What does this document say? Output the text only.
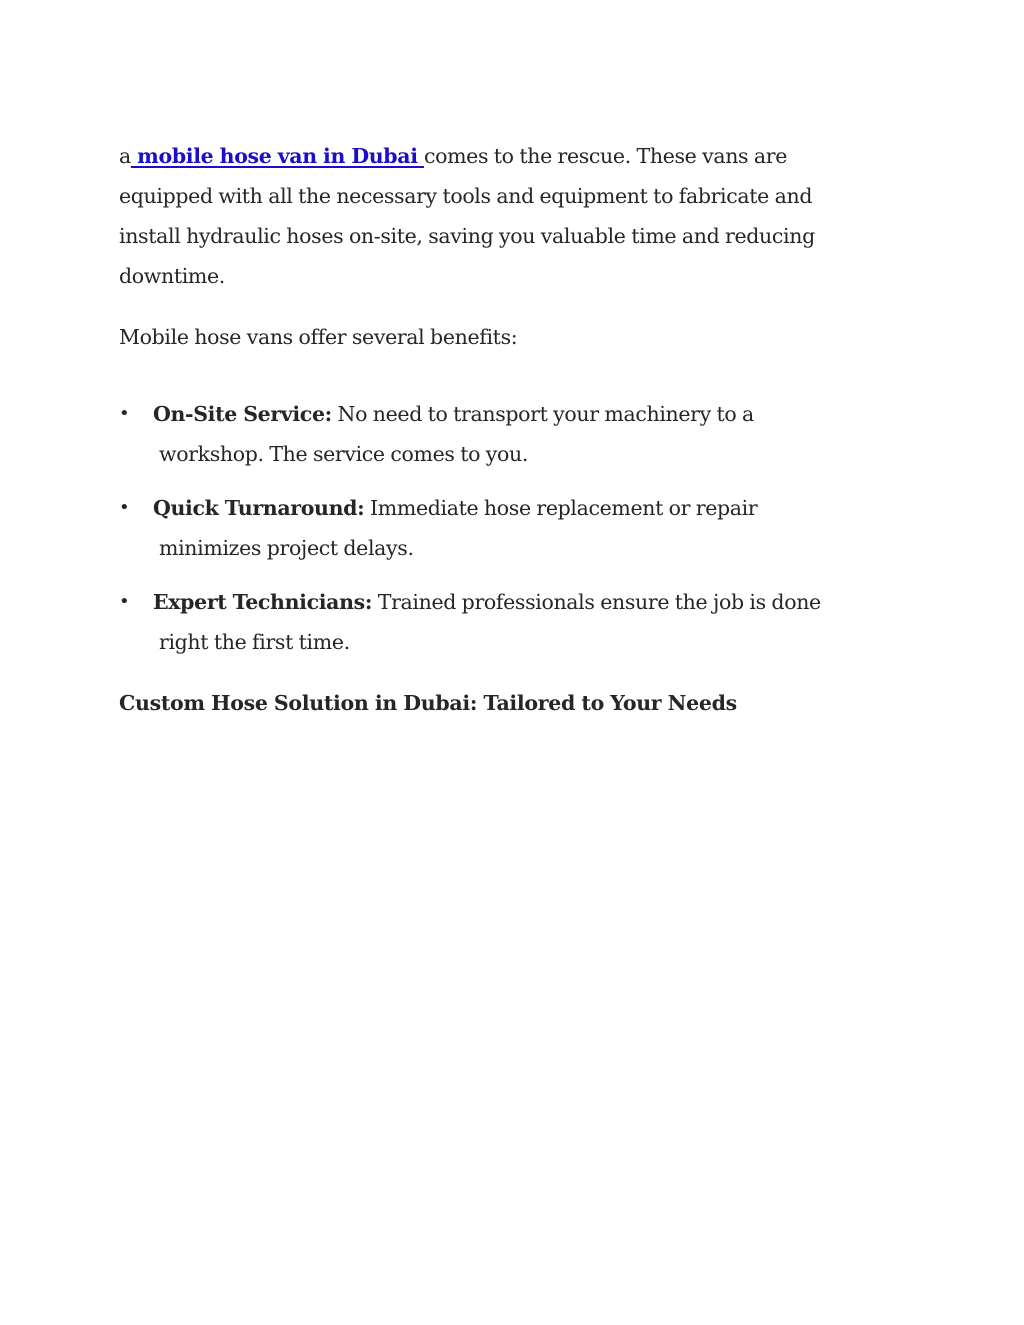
a mobile hose van in Dubai comes to the rescue. These vans are
equipped with all the necessary tools and equipment to fabricate and
install hydraulic hoses on-site, saving you valuable time and reducing
downtime.

Mobile hose vans offer several benefits:

• On-Site Service: No need to transport your machinery to a
workshop. The service comes to you.
• Quick Turnaround: Immediate hose replacement or repair
minimizes project delays.
• Expert Technicians: Trained professionals ensure the job is done
right the first time.
Custom Hose Solution in Dubai: Tailored to Your Needs
